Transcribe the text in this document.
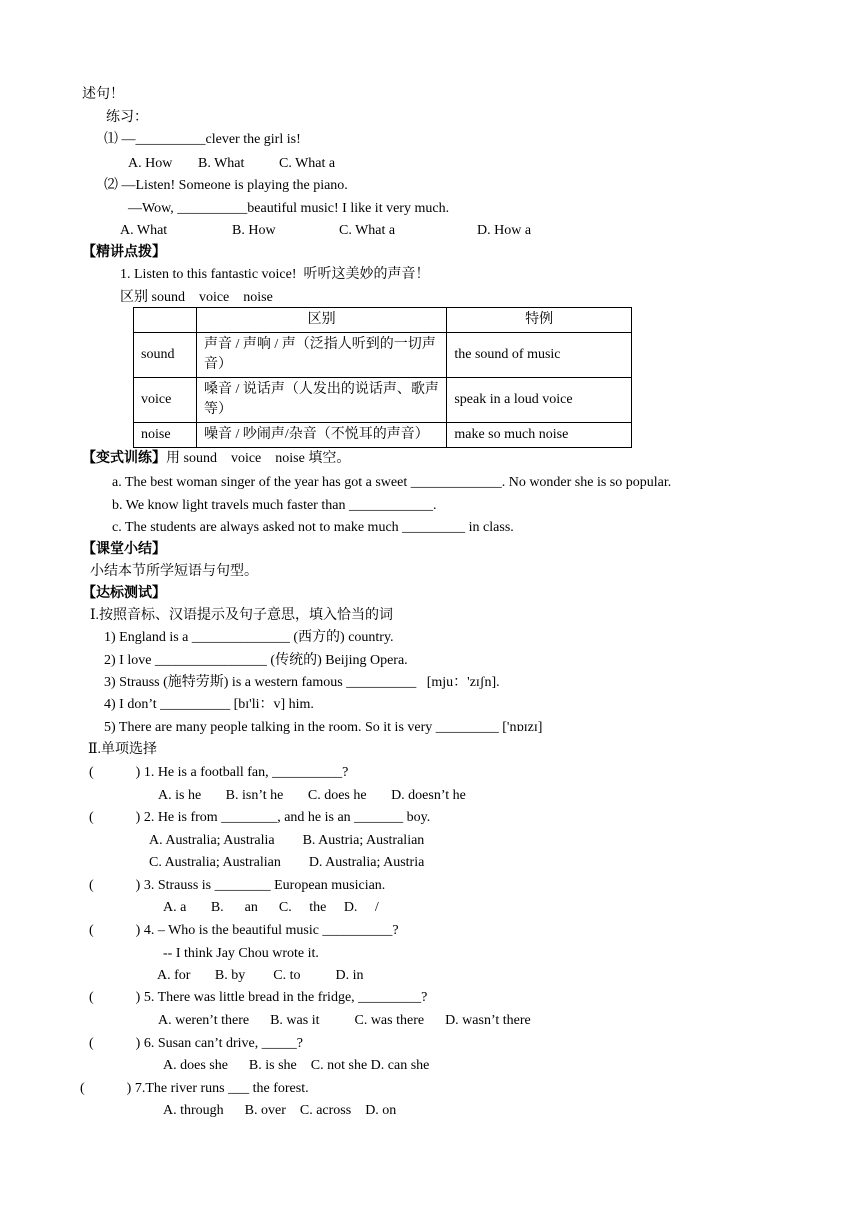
述句！
练习：
⑴ —__________clever the girl is!
A. How B. What C. What a
⑵ —Listen! Someone is playing the piano.
—Wow, __________beautiful music! I like it very much.
A. What	B. How	C. What a	D. How a
【精讲点拨】
1. Listen to this fantastic voice!  听听这美妙的声音！
区别 sound    voice    noise
	区别	特例
sound	声音 / 声响 / 声（泛指人听到的一切声音）	the sound of music
voice	嗓音 / 说话声（人发出的说话声、歌声等）	speak in a loud voice
noise	噪音 / 吵闹声/杂音（不悦耳的声音）	make so much noise
【变式训练】用 sound    voice    noise 填空。
a. The best woman singer of the year has got a sweet _____________. No wonder she is so popular.
b. We know light travels much faster than ____________.
c. The students are always asked not to make much _________ in class.
【课堂小结】
小结本节所学短语与句型。
【达标测试】
Ⅰ.按照音标、汉语提示及句子意思，填入恰当的词
1) England is a ______________ (西方的) country.
2) I love ________________ (传统的) Beijing Opera.
3) Strauss (施特劳斯) is a western famous __________   [mju：'zɪʃn].
4) I don’t __________ [bɪ'li：v] him.
5) There are many people talking in the room. So it is very _________ ['nɒɪzɪ]
Ⅱ.单项选择
(            ) 1. He is a football fan, __________?
A. is he       B. isn’t he       C. does he       D. doesn’t he
(            ) 2. He is from ________, and he is an _______ boy.
A. Australia; Australia        B. Austria; Australian
C. Australia; Australian        D. Australia; Austria
(            ) 3. Strauss is ________ European musician.
A. a       B.      an      C.     the     D.     /
(            ) 4. – Who is the beautiful music __________?
-- I think Jay Chou wrote it.
A. for       B. by        C. to          D. in
(            ) 5. There was little bread in the fridge, _________?
A. weren’t there      B. was it          C. was there      D. wasn’t there
(            ) 6. Susan can’t drive, _____?
A. does she      B. is she    C. not she D. can she
(            ) 7.The river runs ___ the forest.
A. through      B. over    C. across    D. on
